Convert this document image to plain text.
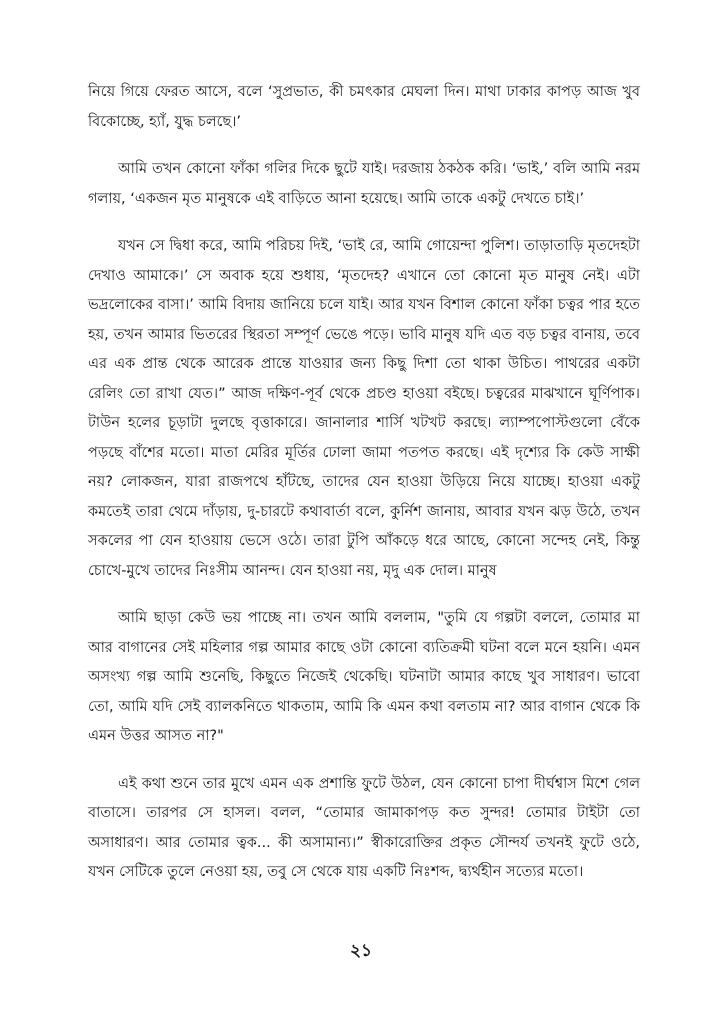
নিয়ে গিয়ে ফেরত আসে, বলে ‘সুপ্রভাত, কী চমৎকার মেঘলা দিন। মাথা ঢাকার কাপড় আজ খুব বিকোচ্ছে, হ্যাঁ, যুদ্ধ চলছে।’

আমি তখন কোনো ফাঁকা গলির দিকে ছুটে যাই। দরজায় ঠকঠক করি। ‘ভাই,’ বলি আমি নরম গলায়, ‘একজন মৃত মানুষকে এই বাড়িতে আনা হয়েছে। আমি তাকে একটু দেখতে চাই।’

যখন সে দ্বিধা করে, আমি পরিচয় দিই, ‘ভাই রে, আমি গোয়েন্দা পুলিশ। তাড়াতাড়ি মৃতদেহটা দেখাও আমাকে।’ সে অবাক হয়ে শুধায়, ‘মৃতদেহ? এখানে তো কোনো মৃত মানুষ নেই। এটা ভদ্রলোকের বাসা।’ আমি বিদায় জানিয়ে চলে যাই। আর যখন বিশাল কোনো ফাঁকা চত্বর পার হতে হয়, তখন আমার ভিতরের স্থিরতা সম্পূর্ণ ভেঙে পড়ে। ভাবি মানুষ যদি এত বড় চত্বর বানায়, তবে এর এক প্রান্ত থেকে আরেক প্রান্তে যাওয়ার জন্য কিছু দিশা তো থাকা উচিত। পাথরের একটা রেলিং তো রাখা যেত।” আজ দক্ষিণ-পূর্ব থেকে প্রচণ্ড হাওয়া বইছে। চত্বরের মাঝখানে ঘূর্ণিপাক। টাউন হলের চূড়াটা দুলছে বৃত্তাকারে। জানালার শার্সি খটখট করছে। ল্যাম্পপোস্টগুলো বেঁকে পড়ছে বাঁশের মতো। মাতা মেরির মূর্তির ঢোলা জামা পতপত করছে। এই দৃশ্যের কি কেউ সাক্ষী নয়? লোকজন, যারা রাজপথে হাঁটছে, তাদের যেন হাওয়া উড়িয়ে নিয়ে যাচ্ছে। হাওয়া একটু কমতেই তারা থেমে দাঁড়ায়, দু-চারটে কথাবার্তা বলে, কুর্নিশ জানায়, আবার যখন ঝড় উঠে, তখন সকলের পা যেন হাওয়ায় ভেসে ওঠে। তারা টুপি আঁকড়ে ধরে আছে, কোনো সন্দেহ নেই, কিন্তু চোখে-মুখে তাদের নিঃসীম আনন্দ। যেন হাওয়া নয়, মৃদু এক দোল। মানুষ

আমি ছাড়া কেউ ভয় পাচ্ছে না। তখন আমি বললাম, "তুমি যে গল্পটা বললে, তোমার মা আর বাগানের সেই মহিলার গল্প আমার কাছে ওটা কোনো ব্যতিক্রমী ঘটনা বলে মনে হয়নি। এমন অসংখ্য গল্প আমি শুনেছি, কিছুতে নিজেই থেকেছি। ঘটনাটা আমার কাছে খুব সাধারণ। ভাবো তো, আমি যদি সেই ব্যালকনিতে থাকতাম, আমি কি এমন কথা বলতাম না? আর বাগান থেকে কি এমন উত্তর আসত না?"

এই কথা শুনে তার মুখে এমন এক প্রশান্তি ফুটে উঠল, যেন কোনো চাপা দীর্ঘশ্বাস মিশে গেল বাতাসে। তারপর সে হাসল। বলল, “তোমার জামাকাপড় কত সুন্দর! তোমার টাইটা তো অসাধারণ। আর তোমার ত্বক... কী অসামান্য।” স্বীকারোক্তির প্রকৃত সৌন্দর্য তখনই ফুটে ওঠে, যখন সেটিকে তুলে নেওয়া হয়, তবু সে থেকে যায় একটি নিঃশব্দ, দ্ব্যর্থহীন সত্যের মতো।

২১
